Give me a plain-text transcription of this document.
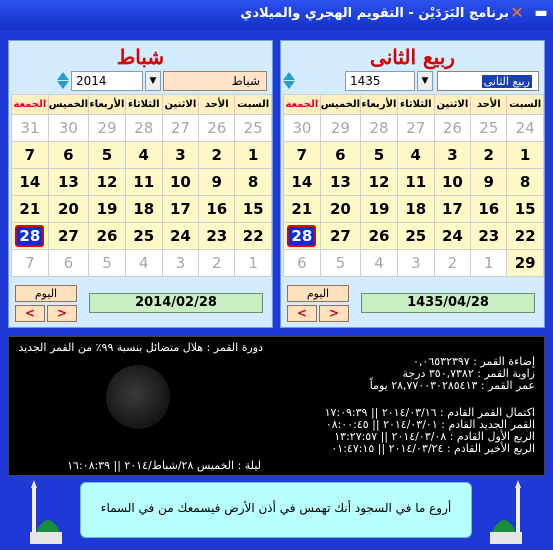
✕ ▬
برنامج البَرَدَيْن - التقويم الهجري والميلادي
شباط
2014	▼	شباط
الجمعة	الخميس	الأربعاء	الثلاثاء	الاثنين	الأحد	السبت
31	30	29	28	27	26	25
7	6	5	4	3	2	1
14	13	12	11	10	9	8
21	20	19	18	17	16	15
28	27	26	25	24	23	22
7	6	5	4	3	2	1
اليوم
<	>
2014/02/28
ربيع الثانى
1435	▼	ربيع الثانى
الجمعة	الخميس	الأربعاء	الثلاثاء	الاثنين	الأحد	السبت
30	29	28	27	26	25	24
7	6	5	4	3	2	1
14	13	12	11	10	9	8
21	20	19	18	17	16	15
28	27	26	25	24	23	22
6	5	4	3	2	1	29
اليوم
<	>
1435/04/28
دورة القمر : هلال متضائل بنسبة ٩٩٪ من القمر الجديد
إضاءة القمر : ٠,٠٦٥٣٢٣٩٧
زاوية القمر : ٣٥٠,٧٣٨٢ درجة
عمر القمر : ٢٨,٧٧٠٠٣٠٢٨٥٤١٣ يوماً
اكتمال القمر القادم : ٢٠١٤/٠٣/١٦ || ١٧:٠٩:٣٩
القمر الجديد القادم : ٢٠١٤/٠٣/٠١ || ٠٨:٠٠:٤٥
الربع الأول القادم : ٢٠١٤/٠٣/٠٨ || ١٣:٢٧:٥٧
الربع الأخير القادم : ٢٠١٤/٠٣/٢٤ || ٠١:٤٧:١٥
ليلة : الخميس ٢٨/شباط/٢٠١٤ || ١٦:٠٨:٣٩
أروع ما في السجود أنك تهمس في أذن الأرض فيسمعك من في السماء
